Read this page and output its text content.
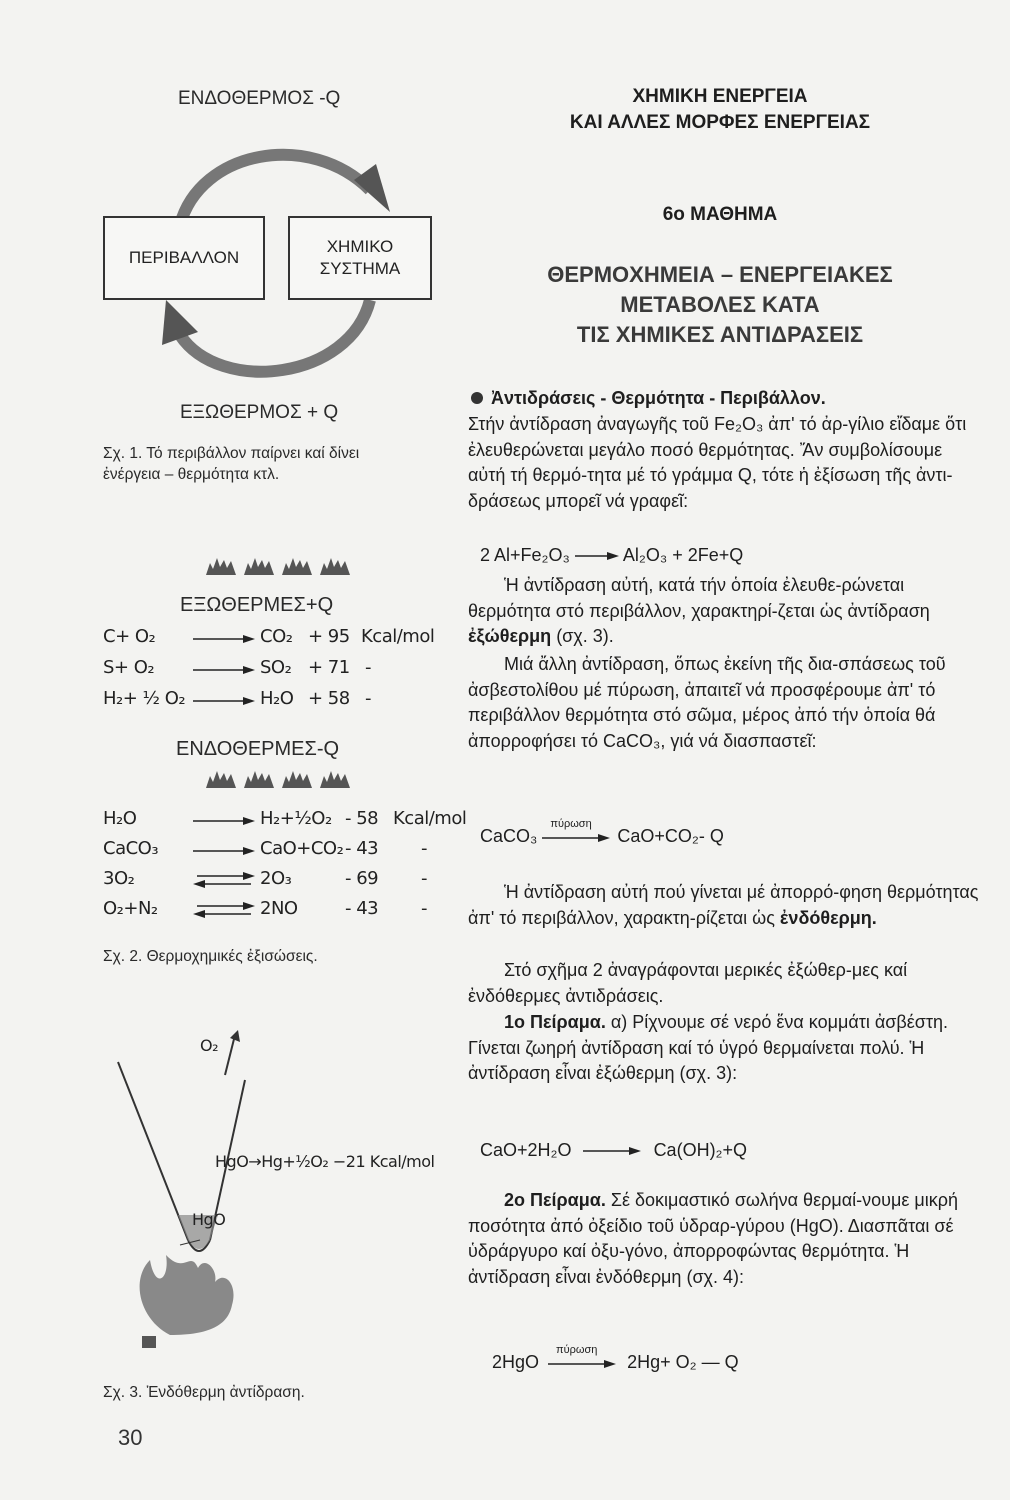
ΕΝΔΟΘΕΡΜΟΣ -Q
ΠΕΡΙΒΑΛΛΟΝ
ΧΗΜΙΚΟ
ΣΥΣΤΗΜΑ
ΕΞΩΘΕΡΜΟΣ + Q
Σχ. 1. Τό περιβάλλον παίρνει καί δίνει
ἐνέργεια – θερμότητα κτλ.
ΕΞΩΘΕΡΜΕΣ+Q
C+ O₂	CO₂ + 95 Kcal/mol
S+ O₂	SO₂ + 71 -
H₂+ ½ O₂	H₂O + 58 -
ΕΝΔΟΘΕΡΜΕΣ-Q
H₂O	H₂+½O₂ - 58 Kcal/mol
CaCO₃	CaO+CO₂ - 43 -
3O₂	⇌ 2O₃	- 69 -
O₂+N₂ ⇌ 2NO	- 43 -
Σχ. 2. Θερμοχημικές ἐξισώσεις.
O₂
HgO→Hg+½O₂ −21 Kcal/mol
HgO
Σχ. 3. Ἐνδόθερμη ἀντίδραση.
30
ΧΗΜΙΚΗ ΕΝΕΡΓΕΙΑ
ΚΑΙ ΑΛΛΕΣ ΜΟΡΦΕΣ ΕΝΕΡΓΕΙΑΣ
6ο ΜΑΘΗΜΑ
ΘΕΡΜΟΧΗΜΕΙΑ – ΕΝΕΡΓΕΙΑΚΕΣ
ΜΕΤΑΒΟΛΕΣ ΚΑΤΑ
ΤΙΣ ΧΗΜΙΚΕΣ ΑΝΤΙΔΡΑΣΕΙΣ
Ἀντιδράσεις - Θερμότητα - Περιβάλλον.

Στήν ἀντίδραση ἀναγωγῆς τοῦ Fe₂O₃ ἀπ' τό ἀρ-γίλιο εἴδαμε ὅτι ἐλευθερώνεται μεγάλο ποσό θερμότητας. Ἄν συμβολίσουμε αὐτή τή θερμό-τητα μέ τό γράμμα Q, τότε ἡ ἐξίσωση τῆς ἀντι-δράσεως μπορεῖ νά γραφεῖ:

2 Al+Fe₂O₃	Al₂O₃ + 2Fe+Q

Ἡ ἀντίδραση αὐτή, κατά τήν ὁποία ἐλευθε-ρώνεται θερμότητα στό περιβάλλον, χαρακτηρί-ζεται ὡς ἀντίδραση ἐξώθερμη (σχ. 3).

Μιά ἄλλη ἀντίδραση, ὅπως ἐκείνη τῆς δια-σπάσεως τοῦ ἀσβεστολίθου μέ πύρωση, ἀπαιτεῖ νά προσφέρουμε ἀπ' τό περιβάλλον θερμότητα στό σῶμα, μέρος ἀπό τήν ὁποία θά ἀπορροφήσει τό CaCO₃, γιά νά διασπαστεῖ:

CaCO₃
πύρωση
CaO+CO₂- Q

Ἡ ἀντίδραση αὐτή πού γίνεται μέ ἀπορρό-φηση θερμότητας ἀπ' τό περιβάλλον, χαρακτη-ρίζεται ὡς ἐνδόθερμη.

Στό σχῆμα 2 ἀναγράφονται μερικές ἐξώθερ-μες καί ἐνδόθερμες ἀντιδράσεις.

1ο Πείραμα. α) Ρίχνουμε σέ νερό ἕνα κομμάτι ἀσβέστη. Γίνεται ζωηρή ἀντίδραση καί τό ὑγρό θερμαίνεται πολύ. Ἡ ἀντίδραση εἶναι ἐξώθερμη (σχ. 3):

CaO+2H₂O	Ca(OH)₂+Q

2ο Πείραμα. Σέ δοκιμαστικό σωλήνα θερμαί-νουμε μικρή ποσότητα ἀπό ὀξείδιο τοῦ ὑδραρ-γύρου (HgO). Διασπᾶται σέ ὑδράργυρο καί ὀξυ-γόνο, ἀπορροφώντας θερμότητα. Ἡ ἀντίδραση εἶναι ἐνδόθερμη (σχ. 4):

2HgO
πύρωση
2Hg+ O₂ — Q
